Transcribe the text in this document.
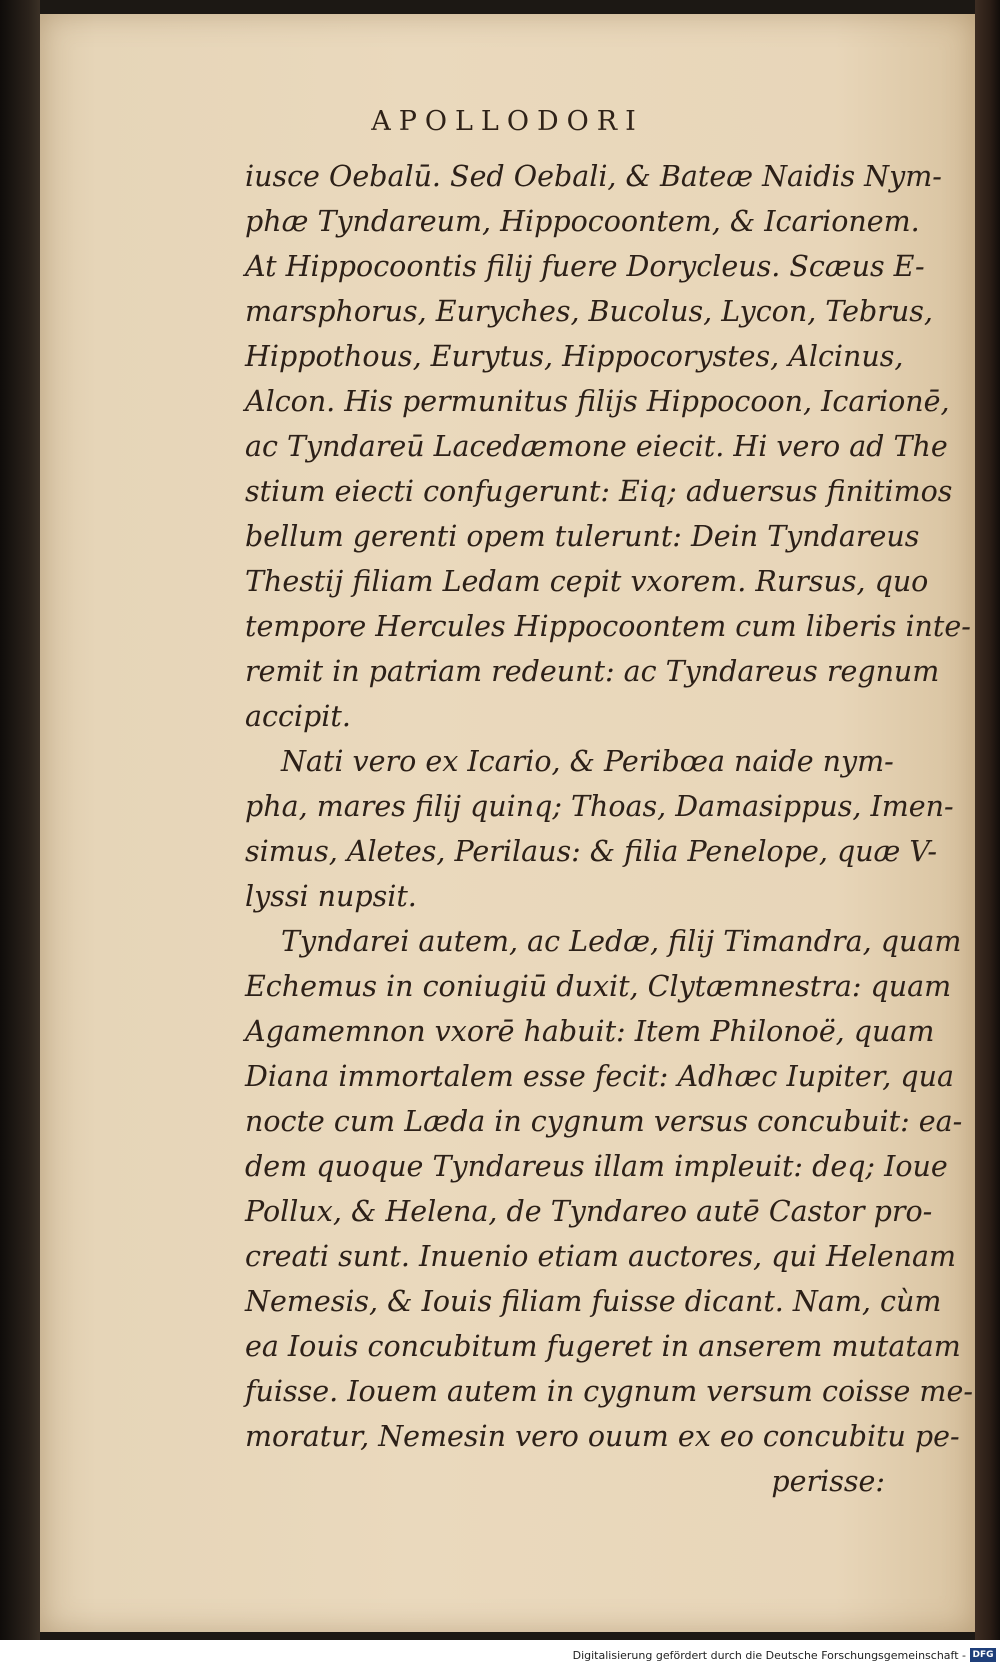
APOLLODORI
iusce Oebalū. Sed Oebali, & Bateæ Naidis Nym-
phæ Tyndareum, Hippocoontem, & Icarionem.
At Hippocoontis filij fuere Dorycleus. Scæus E-
marsphorus, Euryches, Bucolus, Lycon, Tebrus,
Hippothous, Eurytus, Hippocorystes, Alcinus,
Alcon. His permunitus filijs Hippocoon, Icarionē,
ac Tyndareū Lacedæmone eiecit. Hi vero ad The
stium eiecti confugerunt: Eiq; aduersus finitimos
bellum gerenti opem tulerunt: Dein Tyndareus
Thestij filiam Ledam cepit vxorem. Rursus, quo
tempore Hercules Hippocoontem cum liberis inte-
remit in patriam redeunt: ac Tyndareus regnum
accipit.
Nati vero ex Icario, & Peribœa naide nym-
pha, mares filij quinq; Thoas, Damasippus, Imen-
simus, Aletes, Perilaus: & filia Penelope, quæ V-
lyssi nupsit.
Tyndarei autem, ac Ledæ, filij Timandra, quam
Echemus in coniugiū duxit, Clytæmnestra: quam
Agamemnon vxorē habuit: Item Philonoë, quam
Diana immortalem esse fecit: Adhæc Iupiter, qua
nocte cum Læda in cygnum versus concubuit: ea-
dem quoque Tyndareus illam impleuit: deq; Ioue
Pollux, & Helena, de Tyndareo autē Castor pro-
creati sunt. Inuenio etiam auctores, qui Helenam
Nemesis, & Iouis filiam fuisse dicant. Nam, cùm
ea Iouis concubitum fugeret in anserem mutatam
fuisse. Iouem autem in cygnum versum coisse me-
moratur, Nemesin vero ouum ex eo concubitu pe-
perisse:
Digitalisierung gefördert durch die Deutsche Forschungsgemeinschaft - DFG
